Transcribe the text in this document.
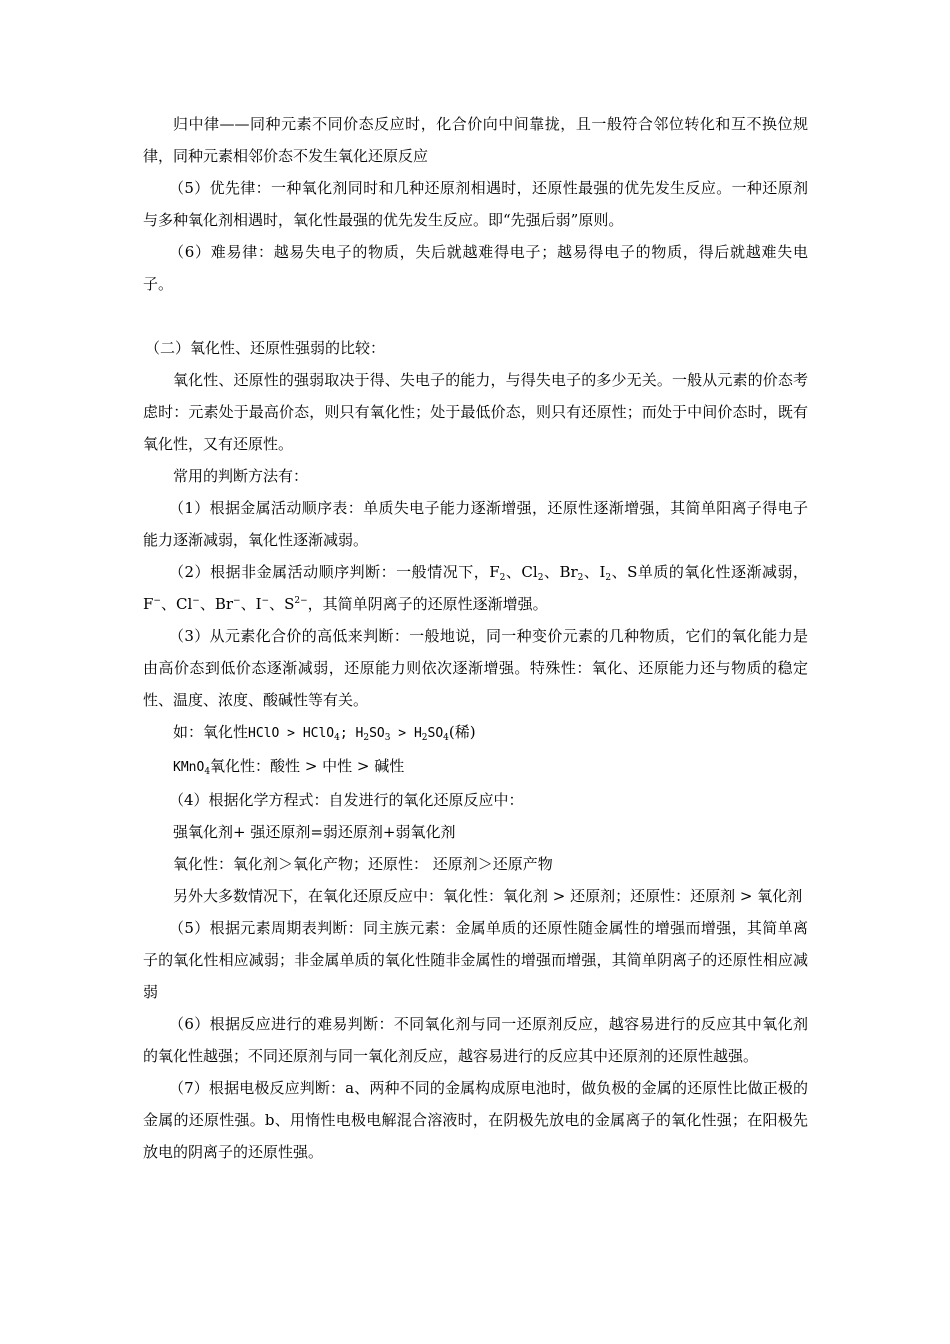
归中律——同种元素不同价态反应时，化合价向中间靠拢，且一般符合邻位转化和互不换位规律，同种元素相邻价态不发生氧化还原反应

（5）优先律：一种氧化剂同时和几种还原剂相遇时，还原性最强的优先发生反应。一种还原剂与多种氧化剂相遇时，氧化性最强的优先发生反应。即“先强后弱”原则。

（6）难易律：越易失电子的物质，失后就越难得电子；越易得电子的物质，得后就越难失电子。

（二）氧化性、还原性强弱的比较：

氧化性、还原性的强弱取决于得、失电子的能力，与得失电子的多少无关。一般从元素的价态考虑时：元素处于最高价态，则只有氧化性；处于最低价态，则只有还原性；而处于中间价态时，既有氧化性，又有还原性。

常用的判断方法有：

（1）根据金属活动顺序表：单质失电子能力逐渐增强，还原性逐渐增强，其简单阳离子得电子能力逐渐减弱，氧化性逐渐减弱。

（2）根据非金属活动顺序判断：一般情况下，$F_2$、$Cl_2$、$Br_2$、$I_2$、S单质的氧化性逐渐减弱，F−、Cl−、Br−、I−、$S^{2-}$，其简单阴离子的还原性逐渐增强。

（3）从元素化合价的高低来判断：一般地说，同一种变价元素的几种物质，它们的氧化能力是由高价态到低价态逐渐减弱，还原能力则依次逐渐增强。特殊性：氧化、还原能力还与物质的稳定性、温度、浓度、酸碱性等有关。

如：氧化性HClO > HClO$_4$; $H_2SO_3 > H_2SO_4$(稀)

KMnO$_4$氧化性：酸性 > 中性 > 碱性

（4）根据化学方程式：自发进行的氧化还原反应中：

强氧化剂+ 强还原剂=弱还原剂+弱氧化剂

氧化性：氧化剂＞氧化产物；还原性： 还原剂＞还原产物

另外大多数情况下，在氧化还原反应中：氧化性：氧化剂 > 还原剂；还原性：还原剂 > 氧化剂

（5）根据元素周期表判断：同主族元素：金属单质的还原性随金属性的增强而增强，其简单离子的氧化性相应减弱；非金属单质的氧化性随非金属性的增强而增强，其简单阴离子的还原性相应减弱

（6）根据反应进行的难易判断：不同氧化剂与同一还原剂反应，越容易进行的反应其中氧化剂的氧化性越强；不同还原剂与同一氧化剂反应，越容易进行的反应其中还原剂的还原性越强。

（7）根据电极反应判断：a、两种不同的金属构成原电池时，做负极的金属的还原性比做正极的金属的还原性强。b、用惰性电极电解混合溶液时，在阴极先放电的金属离子的氧化性强；在阳极先放电的阴离子的还原性强。
